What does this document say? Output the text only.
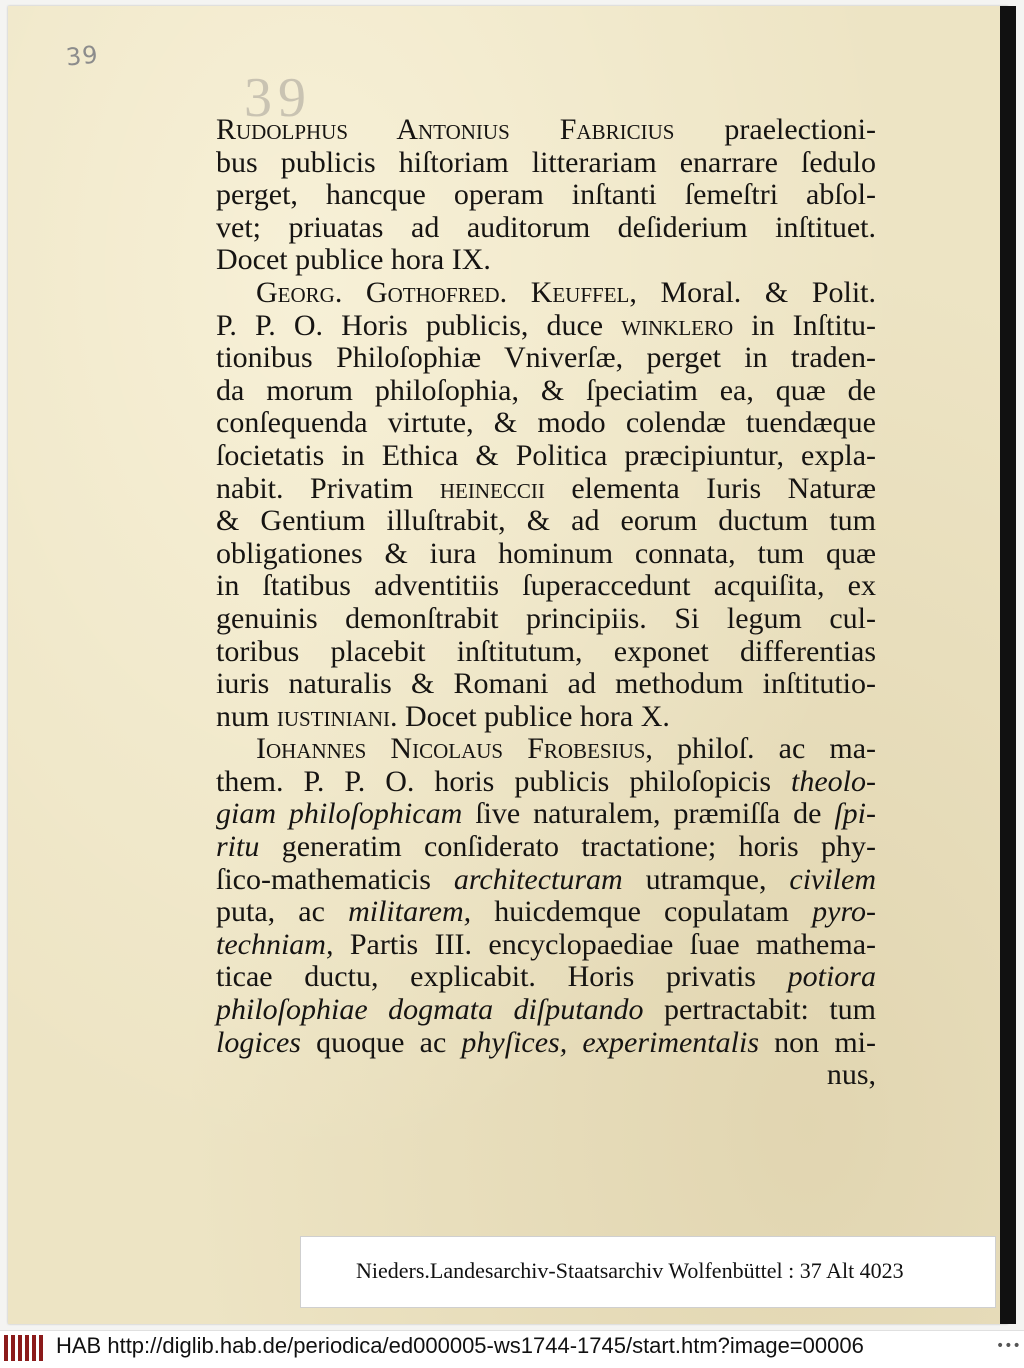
39
39
Rudolphus Antonius Fabricius praelectioni-
bus publicis hiſtoriam litterariam enarrare ſedulo
perget, hancque operam inſtanti ſemeſtri abſol-
vet; priuatas ad auditorum deſiderium inſtituet.
Docet publice hora IX.
Georg. Gothofred. Keuffel, Moral. & Polit.
P. P. O. Horis publicis, duce winklero in Inſtitu-
tionibus Philoſophiæ Vniverſæ, perget in traden-
da morum philoſophia, & ſpeciatim ea, quæ de
conſequenda virtute, & modo colendæ tuendæque
ſocietatis in Ethica & Politica præcipiuntur, expla-
nabit. Privatim heineccii elementa Iuris Naturæ
& Gentium illuſtrabit, & ad eorum ductum tum
obligationes & iura hominum connata, tum quæ
in ſtatibus adventitiis ſuperaccedunt acquiſita, ex
genuinis demonſtrabit principiis. Si legum cul-
toribus placebit inſtitutum, exponet differentias
iuris naturalis & Romani ad methodum inſtitutio-
num iustiniani. Docet publice hora X.
Iohannes Nicolaus Frobesius, philoſ. ac ma-
them. P. P. O. horis publicis philoſopicis theolo-
giam philoſophicam ſive naturalem, præmiſſa de ſpi-
ritu generatim conſiderato tractatione; horis phy-
ſico-mathematicis architecturam utramque, civilem
puta, ac militarem, huicdemque copulatam pyro-
techniam, Partis III. encyclopaediae ſuae mathema-
ticae ductu, explicabit. Horis privatis potiora
philoſophiae dogmata diſputando pertractabit: tum
logices quoque ac phyſices, experimentalis non mi-
nus,
Nieders.Landesarchiv-Staatsarchiv Wolfenbüttel : 37 Alt 4023
HAB http://diglib.hab.de/periodica/ed000005-ws1744-1745/start.htm?image=00006	•••
